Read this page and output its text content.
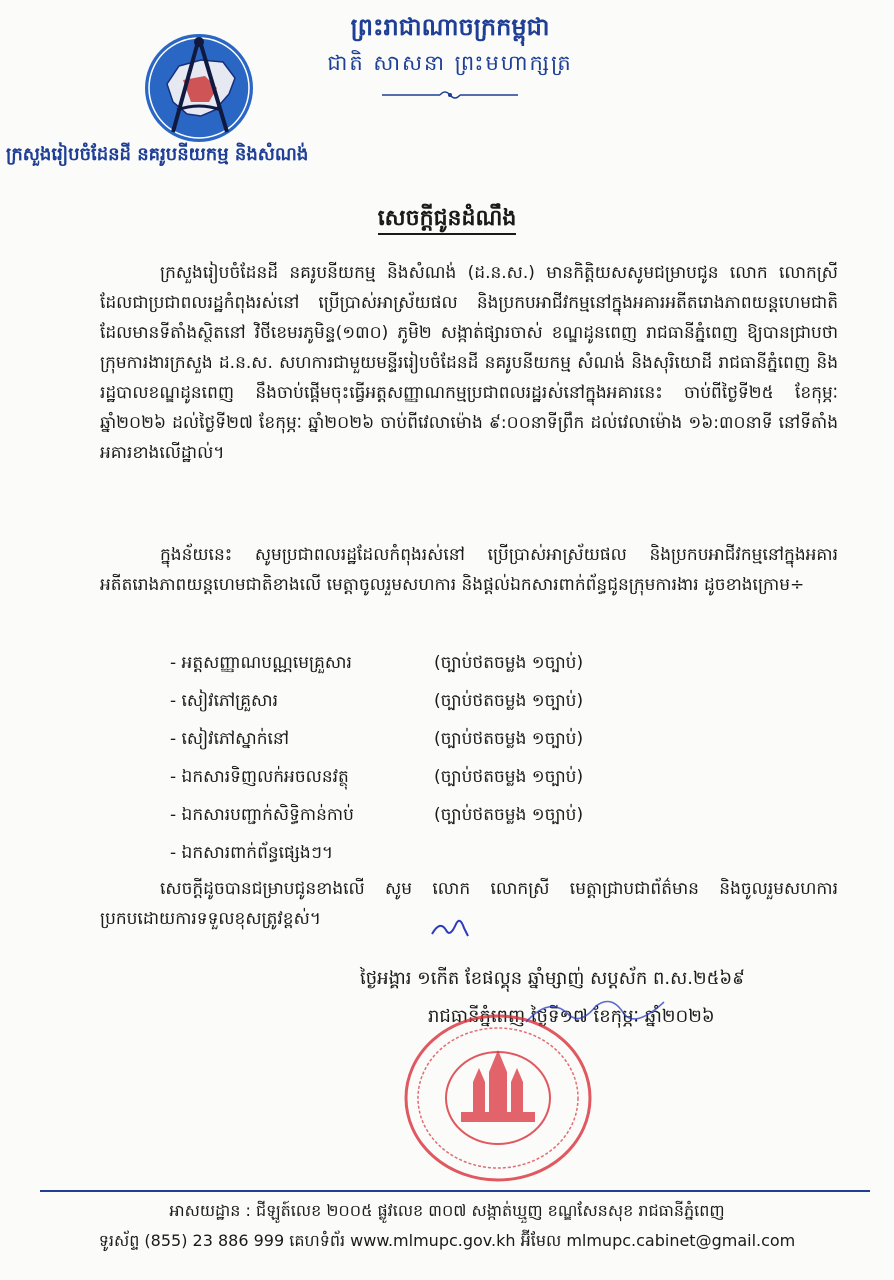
ព្រះរាជាណាចក្រកម្ពុជា
ជាតិ សាសនា ព្រះមហាក្សត្រ
ក្រសួងរៀបចំដែនដី នគរូបនីយកម្ម និងសំណង់
សេចក្តីជូនដំណឹង
ក្រសួងរៀបចំដែនដី នគរូបនីយកម្ម និងសំណង់ (ដ.ន.ស.) មានកិត្តិយសសូមជម្រាបជូន លោក លោកស្រី ដែលជាប្រជាពលរដ្ឋកំពុងរស់នៅ ប្រើប្រាស់អាស្រ័យផល និងប្រកបអាជីវកម្មនៅក្នុងអគារអតីតរោងភាពយន្តហេមជាតិ ដែលមានទីតាំងស្ថិតនៅ វិថីខេមរភូមិន្ទ(១៣០) ភូមិ២ សង្កាត់ផ្សារចាស់ ខណ្ឌដូនពេញ រាជធានីភ្នំពេញ ឱ្យបានជ្រាបថា ក្រុមការងារក្រសួង ដ.ន.ស. សហការជាមួយមន្ទីររៀបចំដែនដី នគរូបនីយកម្ម សំណង់ និងសុរិយោដី រាជធានីភ្នំពេញ និងរដ្ឋបាលខណ្ឌដូនពេញ នឹងចាប់ផ្តើមចុះធ្វើអត្តសញ្ញាណកម្មប្រជាពលរដ្ឋរស់នៅក្នុងអគារនេះ ចាប់ពីថ្ងៃទី២៥ ខែកុម្ភៈ ឆ្នាំ២០២៦ ដល់ថ្ងៃទី២៧ ខែកុម្ភៈ ឆ្នាំ២០២៦ ចាប់ពីវេលាម៉ោង ៩:០០នាទីព្រឹក ដល់វេលាម៉ោង ១៦:៣០នាទី នៅទីតាំងអគារខាងលើដ្ឋាល់។
ក្នុងន័យនេះ សូមប្រជាពលរដ្ឋដែលកំពុងរស់នៅ ប្រើប្រាស់អាស្រ័យផល និងប្រកបអាជីវកម្មនៅក្នុងអគារអតីតរោងភាពយន្តហេមជាតិខាងលើ មេត្តាចូលរួមសហការ និងផ្តល់ឯកសារពាក់ព័ន្ធជូនក្រុមការងារ ដូចខាងក្រោម÷
- អត្តសញ្ញាណបណ្ណមេគ្រួសារ	(ច្បាប់ថតចម្លង ១ច្បាប់)
- សៀវភៅគ្រួសារ	(ច្បាប់ថតចម្លង ១ច្បាប់)
- សៀវភៅស្នាក់នៅ	(ច្បាប់ថតចម្លង ១ច្បាប់)
- ឯកសារទិញលក់អចលនវត្ថុ	(ច្បាប់ថតចម្លង ១ច្បាប់)
- ឯកសារបញ្ជាក់សិទ្ធិកាន់កាប់	(ច្បាប់ថតចម្លង ១ច្បាប់)
- ឯកសារពាក់ព័ន្ធផ្សេងៗ។
សេចក្តីដូចបានជម្រាបជូនខាងលើ សូម លោក លោកស្រី មេត្តាជ្រាបជាព័ត៌មាន និងចូលរួមសហការប្រកបដោយការទទួលខុសត្រូវខ្ពស់។
ថ្ងៃអង្គារ ១កើត ខែផល្គុន ឆ្នាំម្សាញ់ សប្តស័ក ព.ស.២៥៦៩
រាជធានីភ្នំពេញ ថ្ងៃទី១៧ ខែកុម្ភៈ ឆ្នាំ២០២៦
អាសយដ្ឋាន : ជីឡូត៍លេខ ២០០៥ ផ្លូវលេខ ៣០៧ សង្កាត់ឃ្មួញ ខណ្ឌសែនសុខ រាជធានីភ្នំពេញ
ទូរស័ព្ទ (855) 23 886 999 គេហទំព័រ www.mlmupc.gov.kh អ៊ីមែល mlmupc.cabinet@gmail.com
